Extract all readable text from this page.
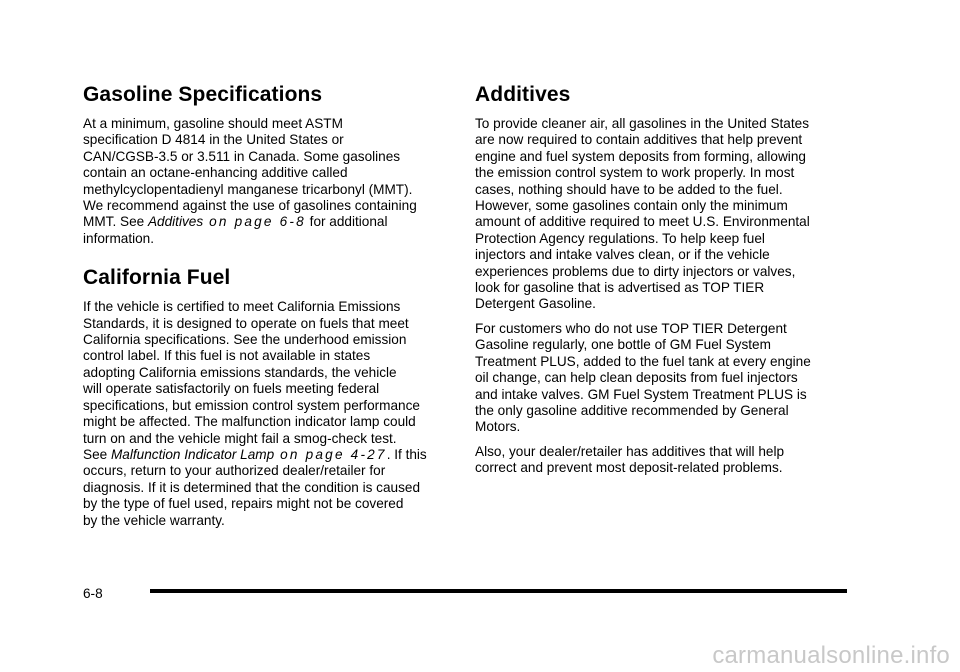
Gasoline Specifications

At a minimum, gasoline should meet ASTM
specification D 4814 in the United States or
CAN/CGSB-3.5 or 3.511 in Canada. Some gasolines
contain an octane-enhancing additive called
methylcyclopentadienyl manganese tricarbonyl (MMT).
We recommend against the use of gasolines containing
MMT. See Additives on page 6-8 for additional
information.

California Fuel

If the vehicle is certified to meet California Emissions
Standards, it is designed to operate on fuels that meet
California specifications. See the underhood emission
control label. If this fuel is not available in states
adopting California emissions standards, the vehicle
will operate satisfactorily on fuels meeting federal
specifications, but emission control system performance
might be affected. The malfunction indicator lamp could
turn on and the vehicle might fail a smog-check test.
See Malfunction Indicator Lamp on page 4-27. If this
occurs, return to your authorized dealer/retailer for
diagnosis. If it is determined that the condition is caused
by the type of fuel used, repairs might not be covered
by the vehicle warranty.

Additives

To provide cleaner air, all gasolines in the United States
are now required to contain additives that help prevent
engine and fuel system deposits from forming, allowing
the emission control system to work properly. In most
cases, nothing should have to be added to the fuel.
However, some gasolines contain only the minimum
amount of additive required to meet U.S. Environmental
Protection Agency regulations. To help keep fuel
injectors and intake valves clean, or if the vehicle
experiences problems due to dirty injectors or valves,
look for gasoline that is advertised as TOP TIER
Detergent Gasoline.

For customers who do not use TOP TIER Detergent
Gasoline regularly, one bottle of GM Fuel System
Treatment PLUS, added to the fuel tank at every engine
oil change, can help clean deposits from fuel injectors
and intake valves. GM Fuel System Treatment PLUS is
the only gasoline additive recommended by General
Motors.

Also, your dealer/retailer has additives that will help
correct and prevent most deposit-related problems.

6-8
carmanualsonline.info
